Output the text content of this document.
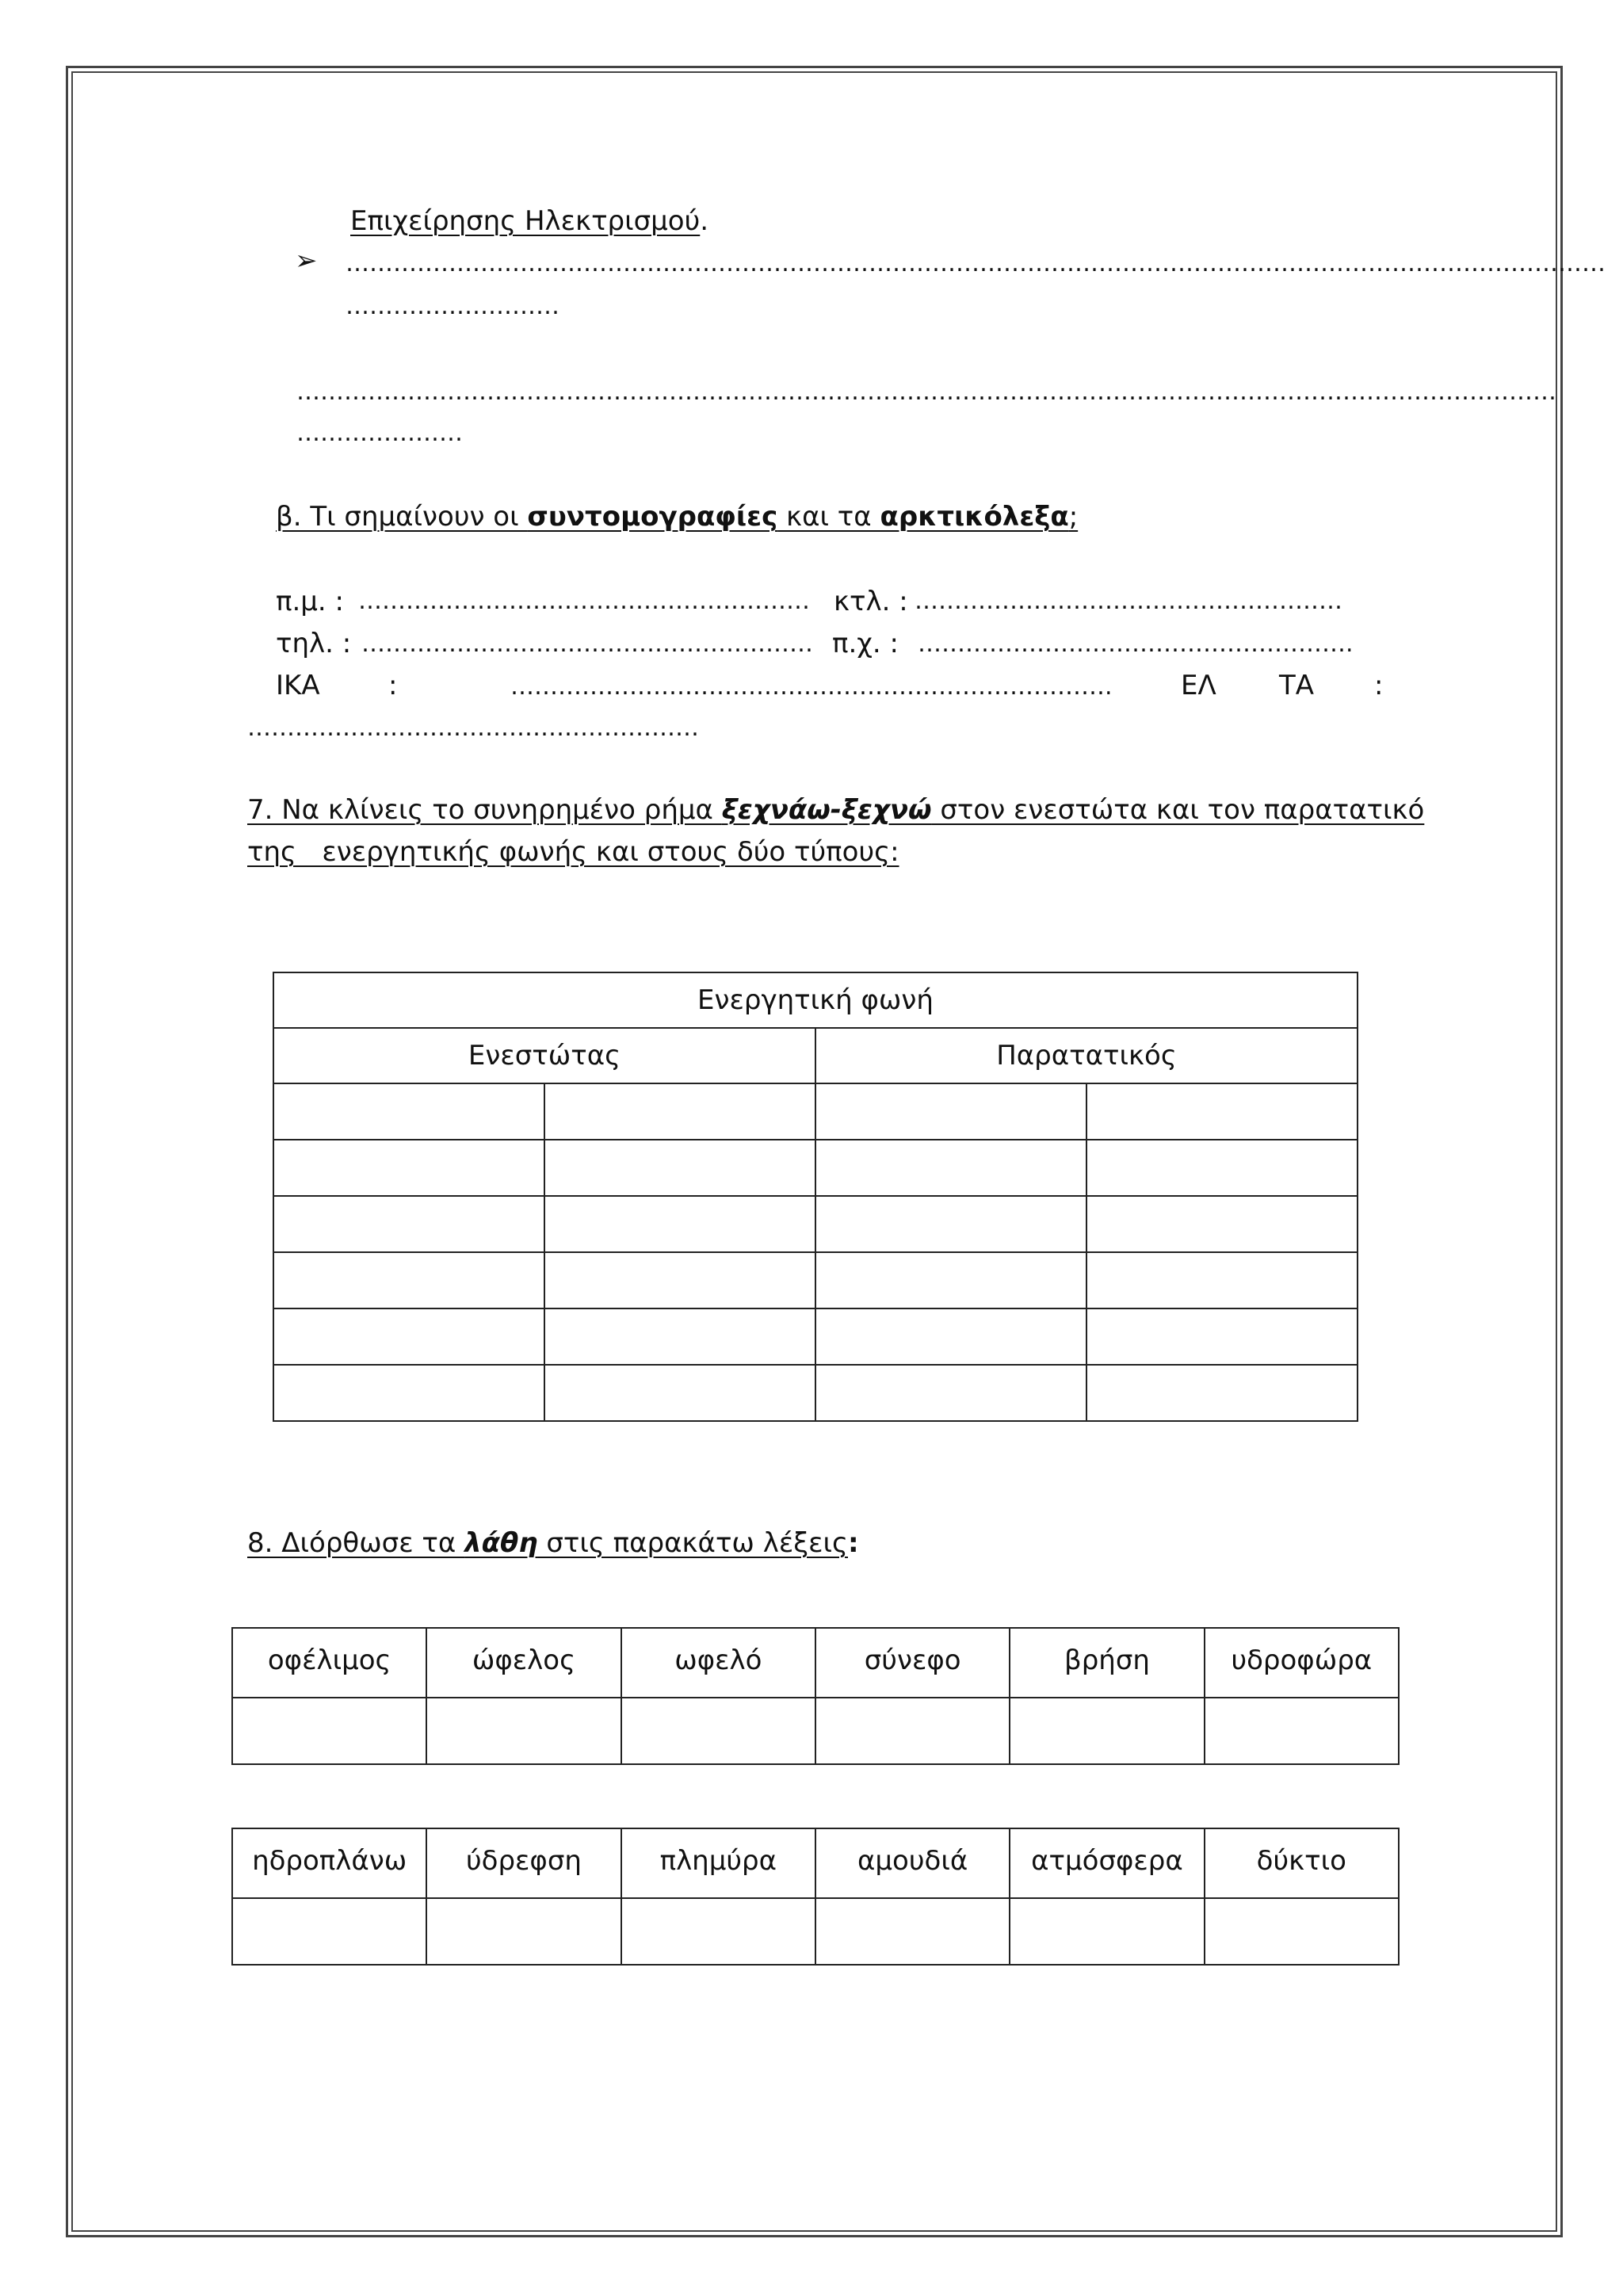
Επιχείρησης Ηλεκτρισμού.
➢ ……………………………………………………………………………………………………………………………………………
………………………
……………………………………………………………………………………………………………………………………………
…………………
β. Τι σημαίνουν οι συντομογραφίες και τα αρκτικόλεξα;
π.μ. : ………………………………………………… κτλ. : ………………………………………………
τηλ. : ………………………………………………… π.χ. : ……………………………………………….
ΙΚΑ	:	………………………………………………………………….	ΕΛ ΤΑ :
…………………………………………………
7. Να κλίνεις το συνηρημένο ρήμα ξεχνάω-ξεχνώ στον ενεστώτα και τον παρατατικό
της   ενεργητικής φωνής και στους δύο τύπους:
Ενεργητική φωνή			

Ενεστώτας		Παρατατικός	

8. Διόρθωσε τα λάθη στις παρακάτω λέξεις:
οφέλιμος	ώφελος	ωφελό	σύνεφο	βρήση	υδροφώρα

ηδροπλάνω	ύδρεφση	πλημύρα	αμουδιά	ατμόσφερα	δύκτιο
